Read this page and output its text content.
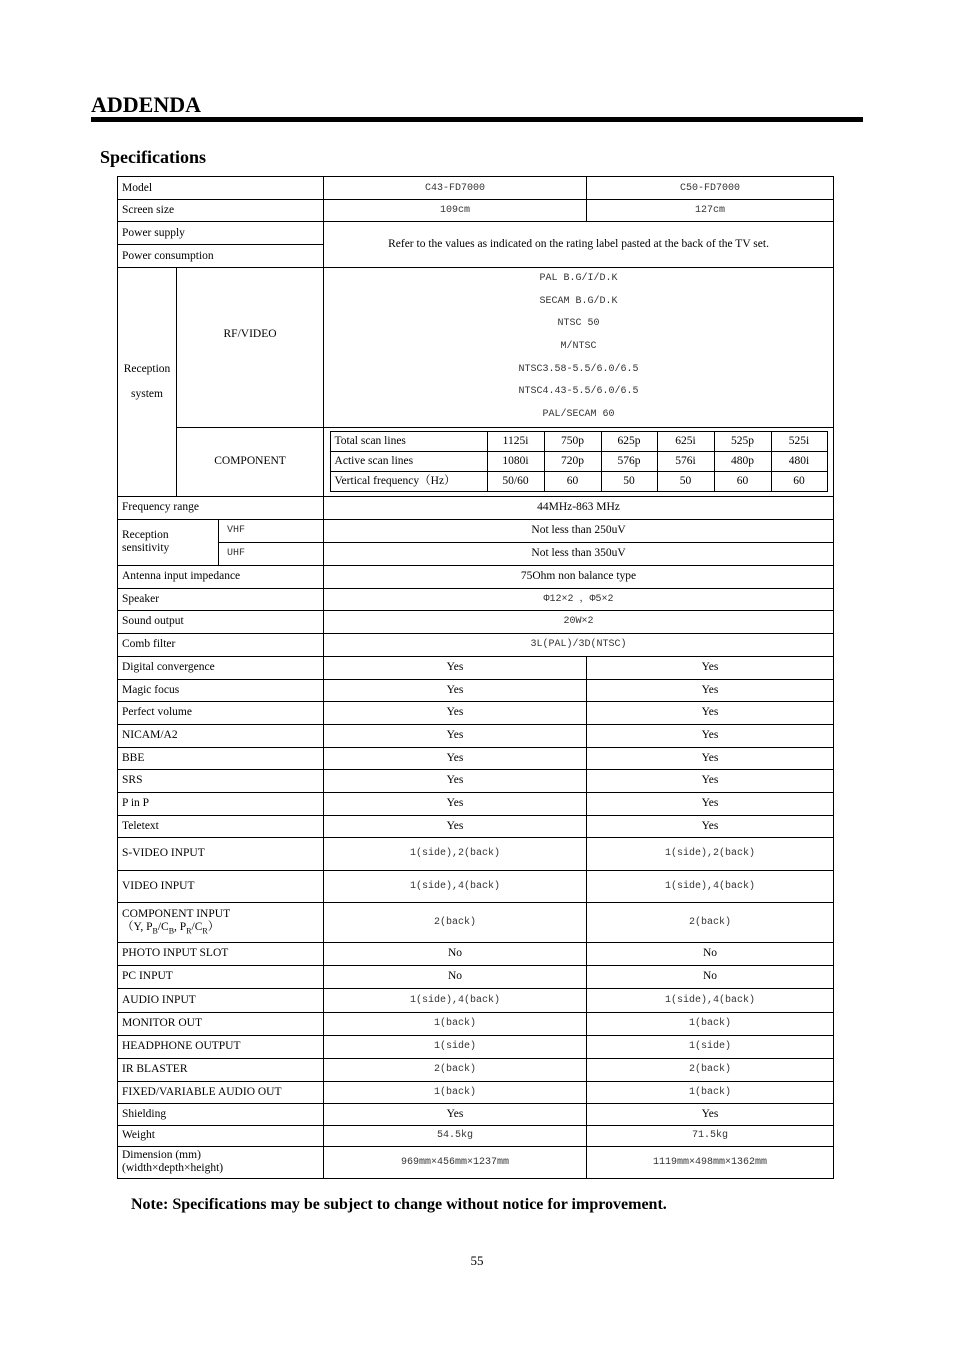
ADDENDA
Specifications
Model	C43-FD7000	C50-FD7000
Screen size	109cm	127cm
Power supply	Refer to the values as indicated on the rating label pasted at the back of the TV set.
Power consumption

Reception
system
	RF/VIDEO	
PAL B.G/I/D.K
SECAM B.G/D.K
NTSC 50
M/NTSC
NTSC3.58-5.5/6.0/6.5
NTSC4.43-5.5/6.0/6.5
PAL/SECAM 60

COMPONENT	
Total scan lines	1125i	750p	625p	625i	525p	525i
Active scan lines	1080i	720p	576p	576i	480p	480i
Vertical frequency（Hz）	50/60	60	50	50	60	60

Frequency range	44MHz-863 MHz
Reception sensitivity	VHF	Not less than 250uV
UHF	Not less than 350uV
Antenna input impedance	75Ohm non balance type
Speaker	Φ12×2 ，Φ5×2
Sound output	20W×2
Comb filter	3L(PAL)/3D(NTSC)
Digital convergence	Yes	Yes
Magic focus	Yes	Yes
Perfect volume	Yes	Yes
NICAM/A2	Yes	Yes
BBE	Yes	Yes
SRS	Yes	Yes
P in P	Yes	Yes
Teletext	Yes	Yes
S-VIDEO INPUT	1(side),2(back)	1(side),2(back)
VIDEO INPUT	1(side),4(back)	1(side),4(back)

COMPONENT INPUT
（Y, $P_B/C_B$, $P_R/C_R$）	2(back)	2(back)
PHOTO INPUT SLOT	No	No
PC INPUT	No	No
AUDIO INPUT	1(side),4(back)	1(side),4(back)
MONITOR OUT	1(back)	1(back)
HEADPHONE OUTPUT	1(side)	1(side)
IR BLASTER	2(back)	2(back)
FIXED/VARIABLE AUDIO OUT	1(back)	1(back)
Shielding	Yes	Yes
Weight	54.5kg	71.5kg

Dimension (mm)
(width×depth×height)	969mm×456mm×1237mm	1119mm×498mm×1362mm

Note: Specifications may be subject to change without notice for improvement.

55
